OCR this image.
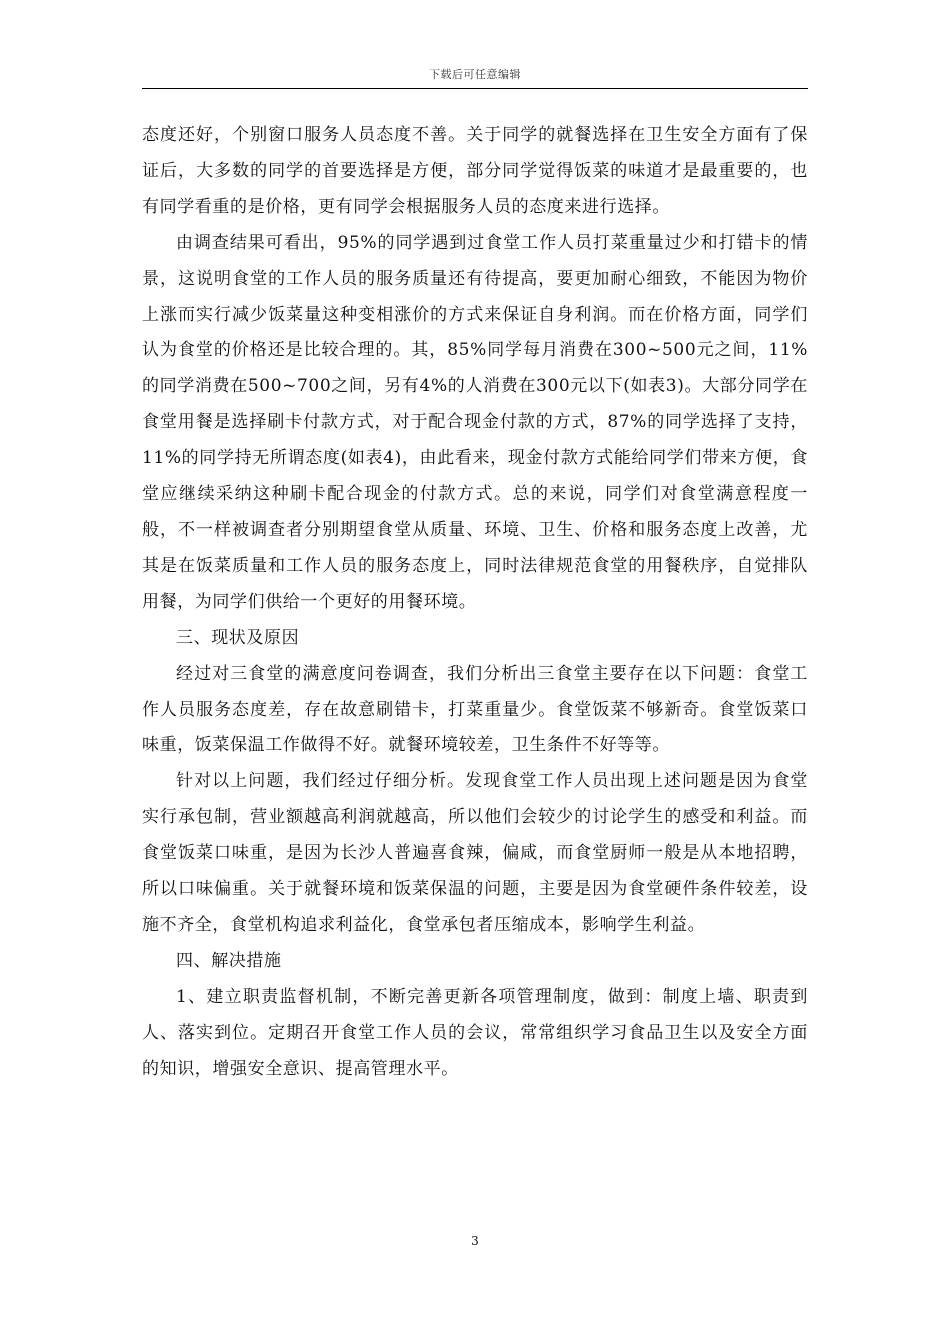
下载后可任意编辑

态度还好，个别窗口服务人员态度不善。关于同学的就餐选择在卫生安全方面有了保证后，大多数的同学的首要选择是方便，部分同学觉得饭菜的味道才是最重要的，也有同学看重的是价格，更有同学会根据服务人员的态度来进行选择。

由调查结果可看出，95%的同学遇到过食堂工作人员打菜重量过少和打错卡的情景，这说明食堂的工作人员的服务质量还有待提高，要更加耐心细致，不能因为物价上涨而实行减少饭菜量这种变相涨价的方式来保证自身利润。而在价格方面，同学们认为食堂的价格还是比较合理的。其，85%同学每月消费在300~500元之间，11%的同学消费在500~700之间，另有4%的人消费在300元以下(如表3)。大部分同学在食堂用餐是选择刷卡付款方式，对于配合现金付款的方式，87%的同学选择了支持，11%的同学持无所谓态度(如表4)，由此看来，现金付款方式能给同学们带来方便，食堂应继续采纳这种刷卡配合现金的付款方式。总的来说，同学们对食堂满意程度一般，不一样被调查者分别期望食堂从质量、环境、卫生、价格和服务态度上改善，尤其是在饭菜质量和工作人员的服务态度上，同时法律规范食堂的用餐秩序，自觉排队用餐，为同学们供给一个更好的用餐环境。

三、现状及原因

经过对三食堂的满意度问卷调查，我们分析出三食堂主要存在以下问题：食堂工作人员服务态度差，存在故意刷错卡，打菜重量少。食堂饭菜不够新奇。食堂饭菜口味重，饭菜保温工作做得不好。就餐环境较差，卫生条件不好等等。

针对以上问题，我们经过仔细分析。发现食堂工作人员出现上述问题是因为食堂实行承包制，营业额越高利润就越高，所以他们会较少的讨论学生的感受和利益。而食堂饭菜口味重，是因为长沙人普遍喜食辣，偏咸，而食堂厨师一般是从本地招聘，所以口味偏重。关于就餐环境和饭菜保温的问题，主要是因为食堂硬件条件较差，设施不齐全，食堂机构追求利益化，食堂承包者压缩成本，影响学生利益。

四、解决措施

1、建立职责监督机制，不断完善更新各项管理制度，做到：制度上墙、职责到人、落实到位。定期召开食堂工作人员的会议，常常组织学习食品卫生以及安全方面的知识，增强安全意识、提高管理水平。

3
